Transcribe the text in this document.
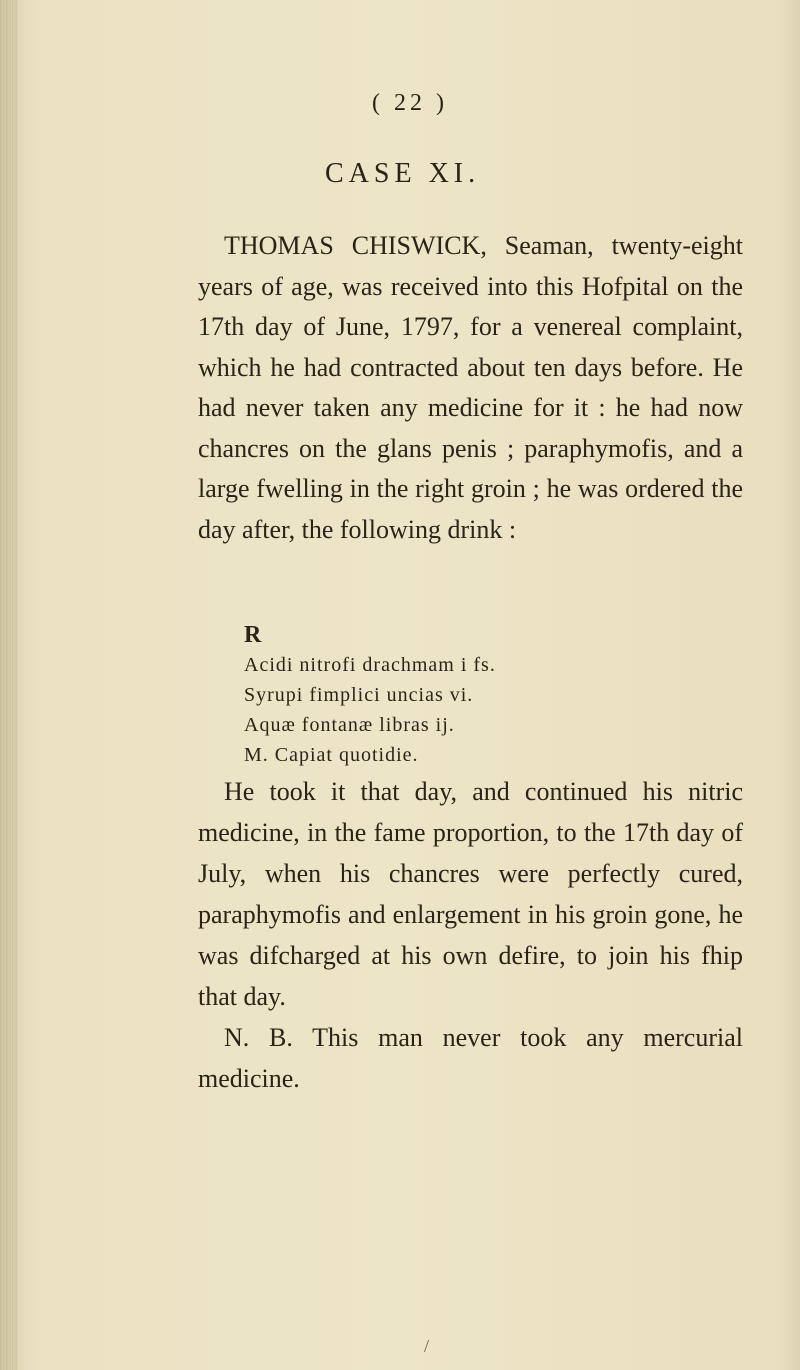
( 22 )
CASE XI.

THOMAS CHISWICK, Seaman, twenty-eight years of age, was received into this Hofpital on the 17th day of June, 1797, for a venereal complaint, which he had contracted about ten days before. He had never taken any medicine for it : he had now chancres on the glans penis ; paraphymofis, and a large fwelling in the right groin ; he was ordered the day after, the following drink :

R
Acidi nitrofi drachmam i fs.
Syrupi fimplici uncias vi.
Aquæ fontanæ libras ij.
M. Capiat quotidie.

He took it that day, and continued his nitric medicine, in the fame proportion, to the 17th day of July, when his chancres were perfectly cured, paraphymofis and enlargement in his groin gone, he was difcharged at his own defire, to join his fhip that day.

N. B. This man never took any mercurial medicine.

/
